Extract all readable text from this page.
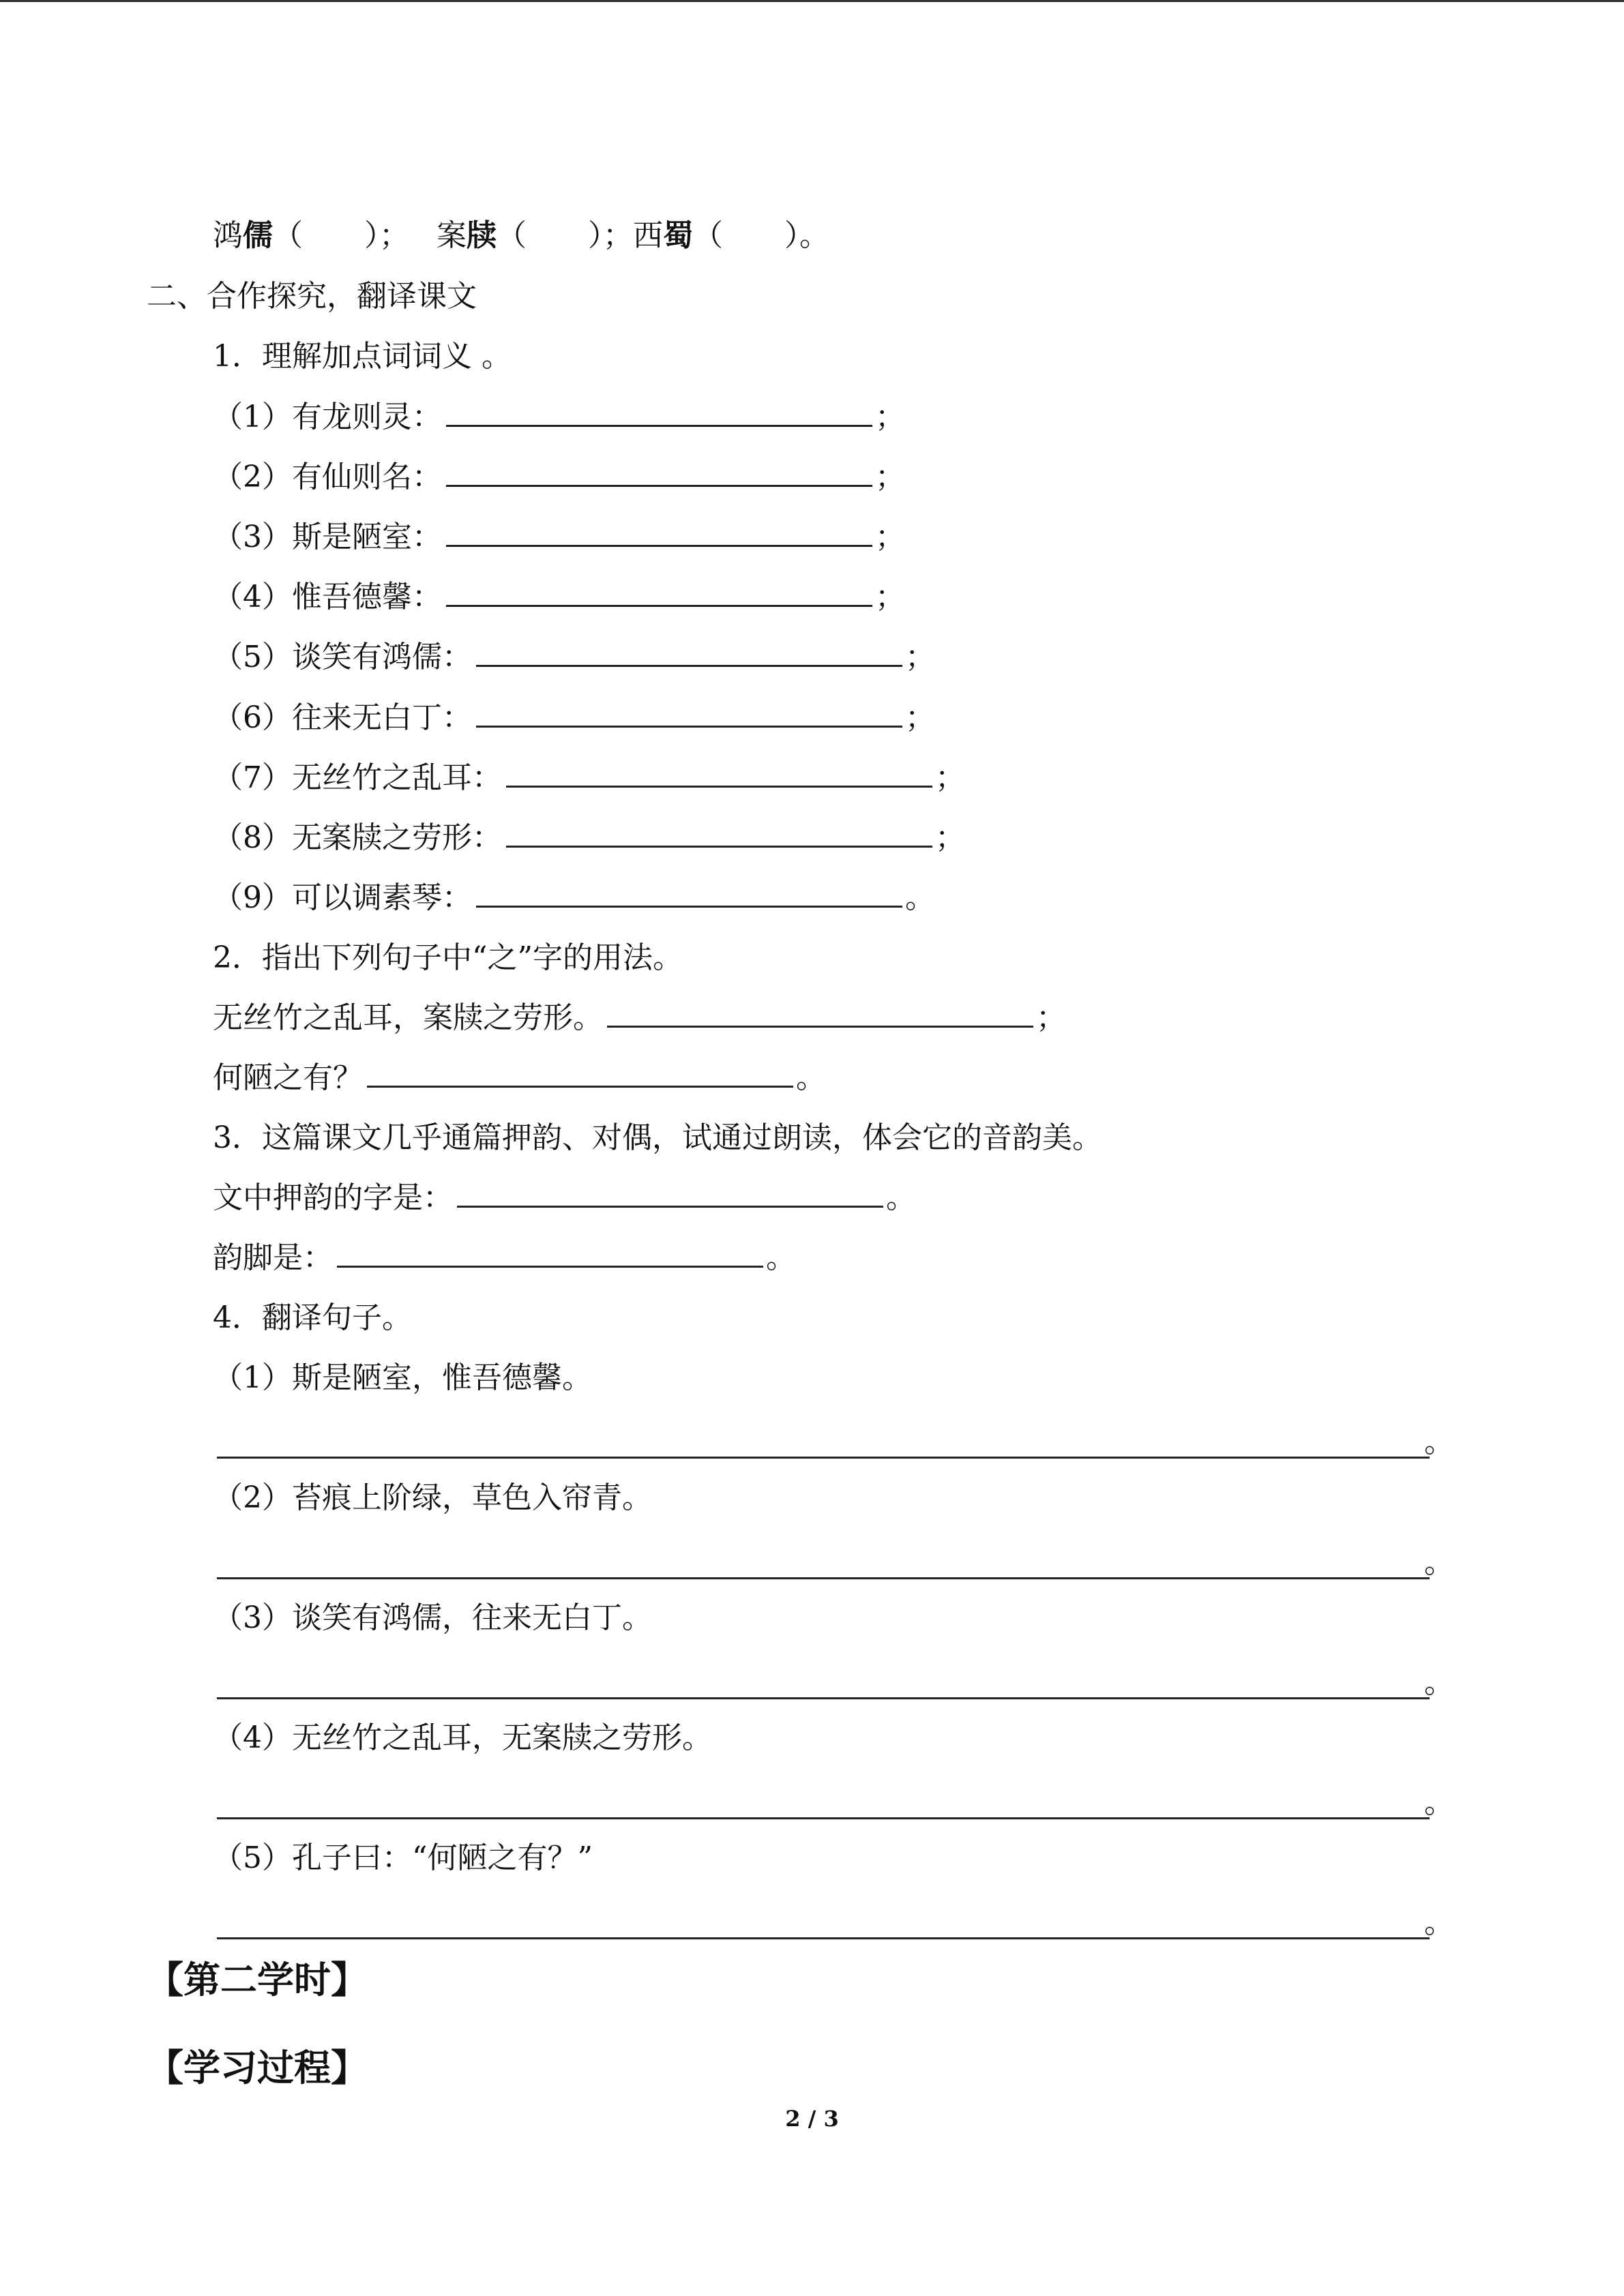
鸿儒（ ）； 案牍（ ）；西蜀（ ）。
二、合作探究，翻译课文
1．理解加点词词义 。
（1）有龙则灵：	；
（2）有仙则名：	；
（3）斯是陋室：	；
（4）惟吾德馨：	；
（5）谈笑有鸿儒：	；
（6）往来无白丁：	；
（7）无丝竹之乱耳：	；
（8）无案牍之劳形：	；
（9）可以调素琴：	。
2．指出下列句子中“之”字的用法。
无丝竹之乱耳，案牍之劳形。	；
何陋之有？	。
3．这篇课文几乎通篇押韵、对偶，试通过朗读，体会它的音韵美。
文中押韵的字是：	。
韵脚是：	。
4．翻译句子。
（1）斯是陋室，惟吾德馨。
。
（2）苔痕上阶绿，草色入帘青。
。
（3）谈笑有鸿儒，往来无白丁。
。
（4）无丝竹之乱耳，无案牍之劳形。
。
（5）孔子曰：“何陋之有？”
。
【第二学时】
【学习过程】
2 / 3
